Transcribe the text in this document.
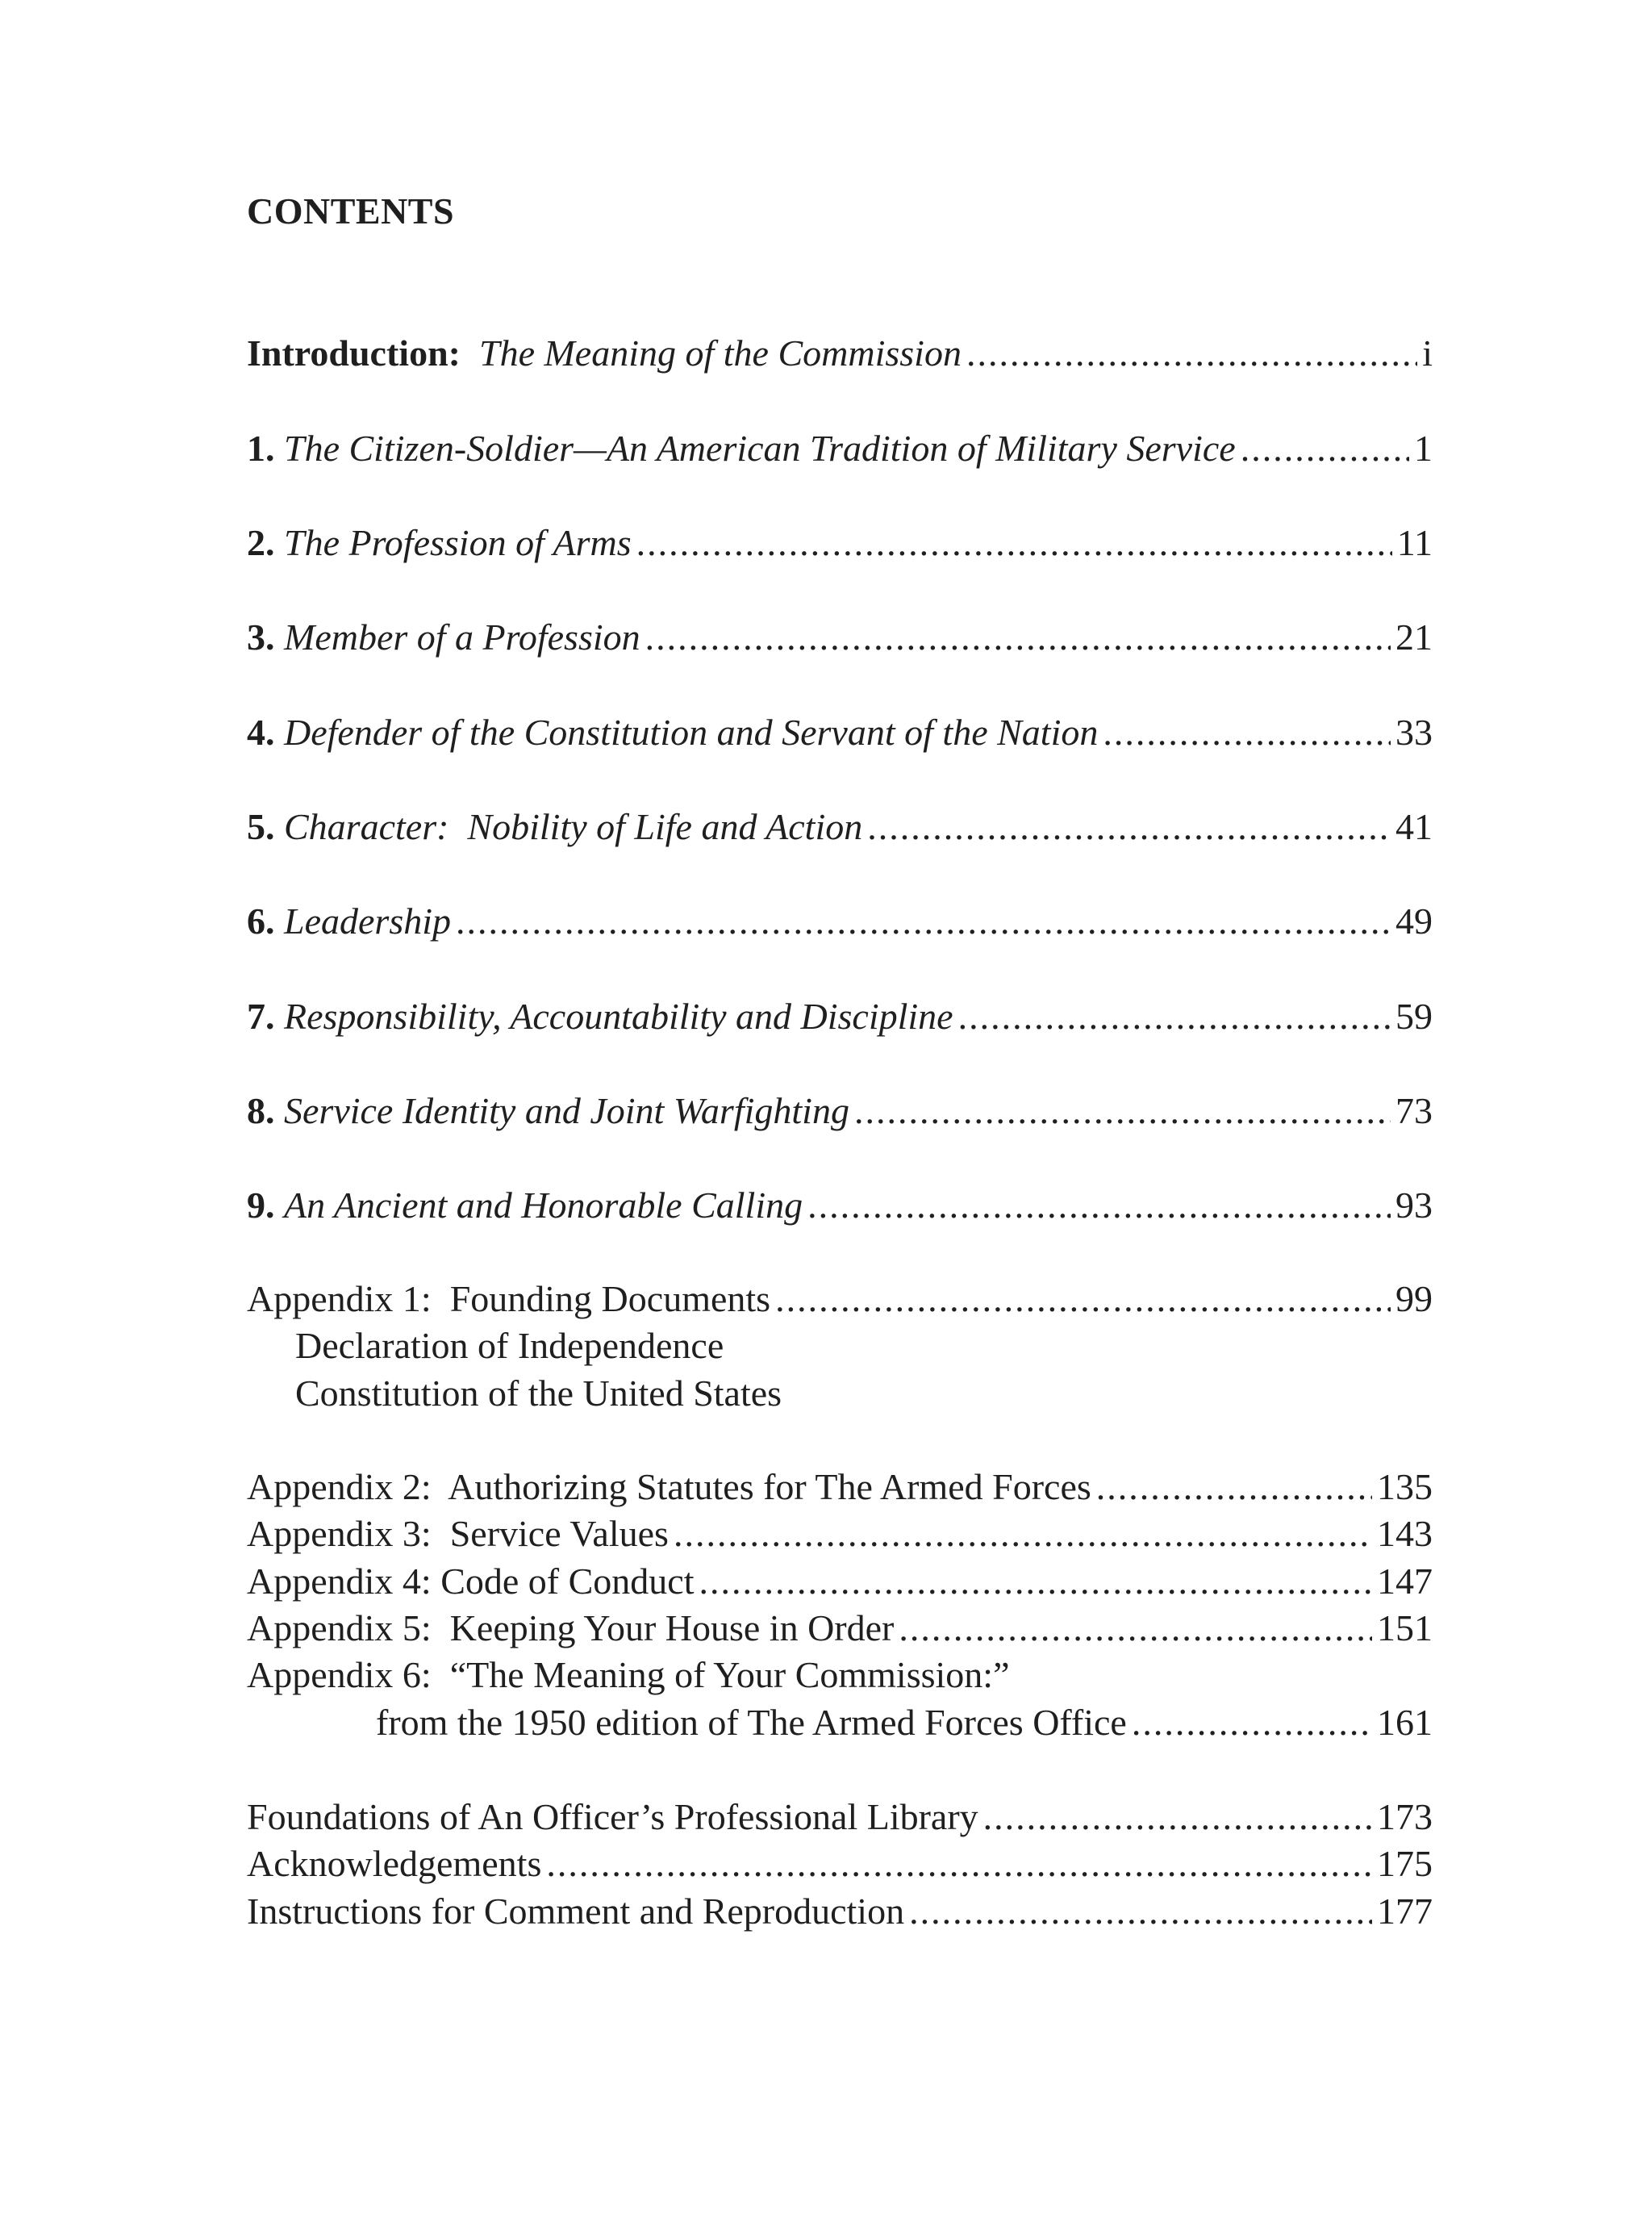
CONTENTS
Introduction: The Meaning of the Commission .....	i
1. The Citizen-Soldier—An American Tradition of Military Service .....	1
2. The Profession of Arms .....	11
3. Member of a Profession .....	21
4. Defender of the Constitution and Servant of the Nation .....	33
5. Character:  Nobility of Life and Action .....	41
6. Leadership .....	49
7. Responsibility, Accountability and Discipline .....	59
8. Service Identity and Joint Warfighting .....	73
9. An Ancient and Honorable Calling .....	93
Appendix 1:  Founding Documents .....	99
Declaration of Independence
Constitution of the United States
Appendix 2:  Authorizing Statutes for The Armed Forces .....	135
Appendix 3:  Service Values .....	143
Appendix 4: Code of Conduct .....	147
Appendix 5:  Keeping Your House in Order .....	151
Appendix 6:  “The Meaning of Your Commission:”
from the 1950 edition of The Armed Forces Office .....	161
Foundations of An Officer’s Professional Library .....	173
Acknowledgements .....	175
Instructions for Comment and Reproduction .....	177
